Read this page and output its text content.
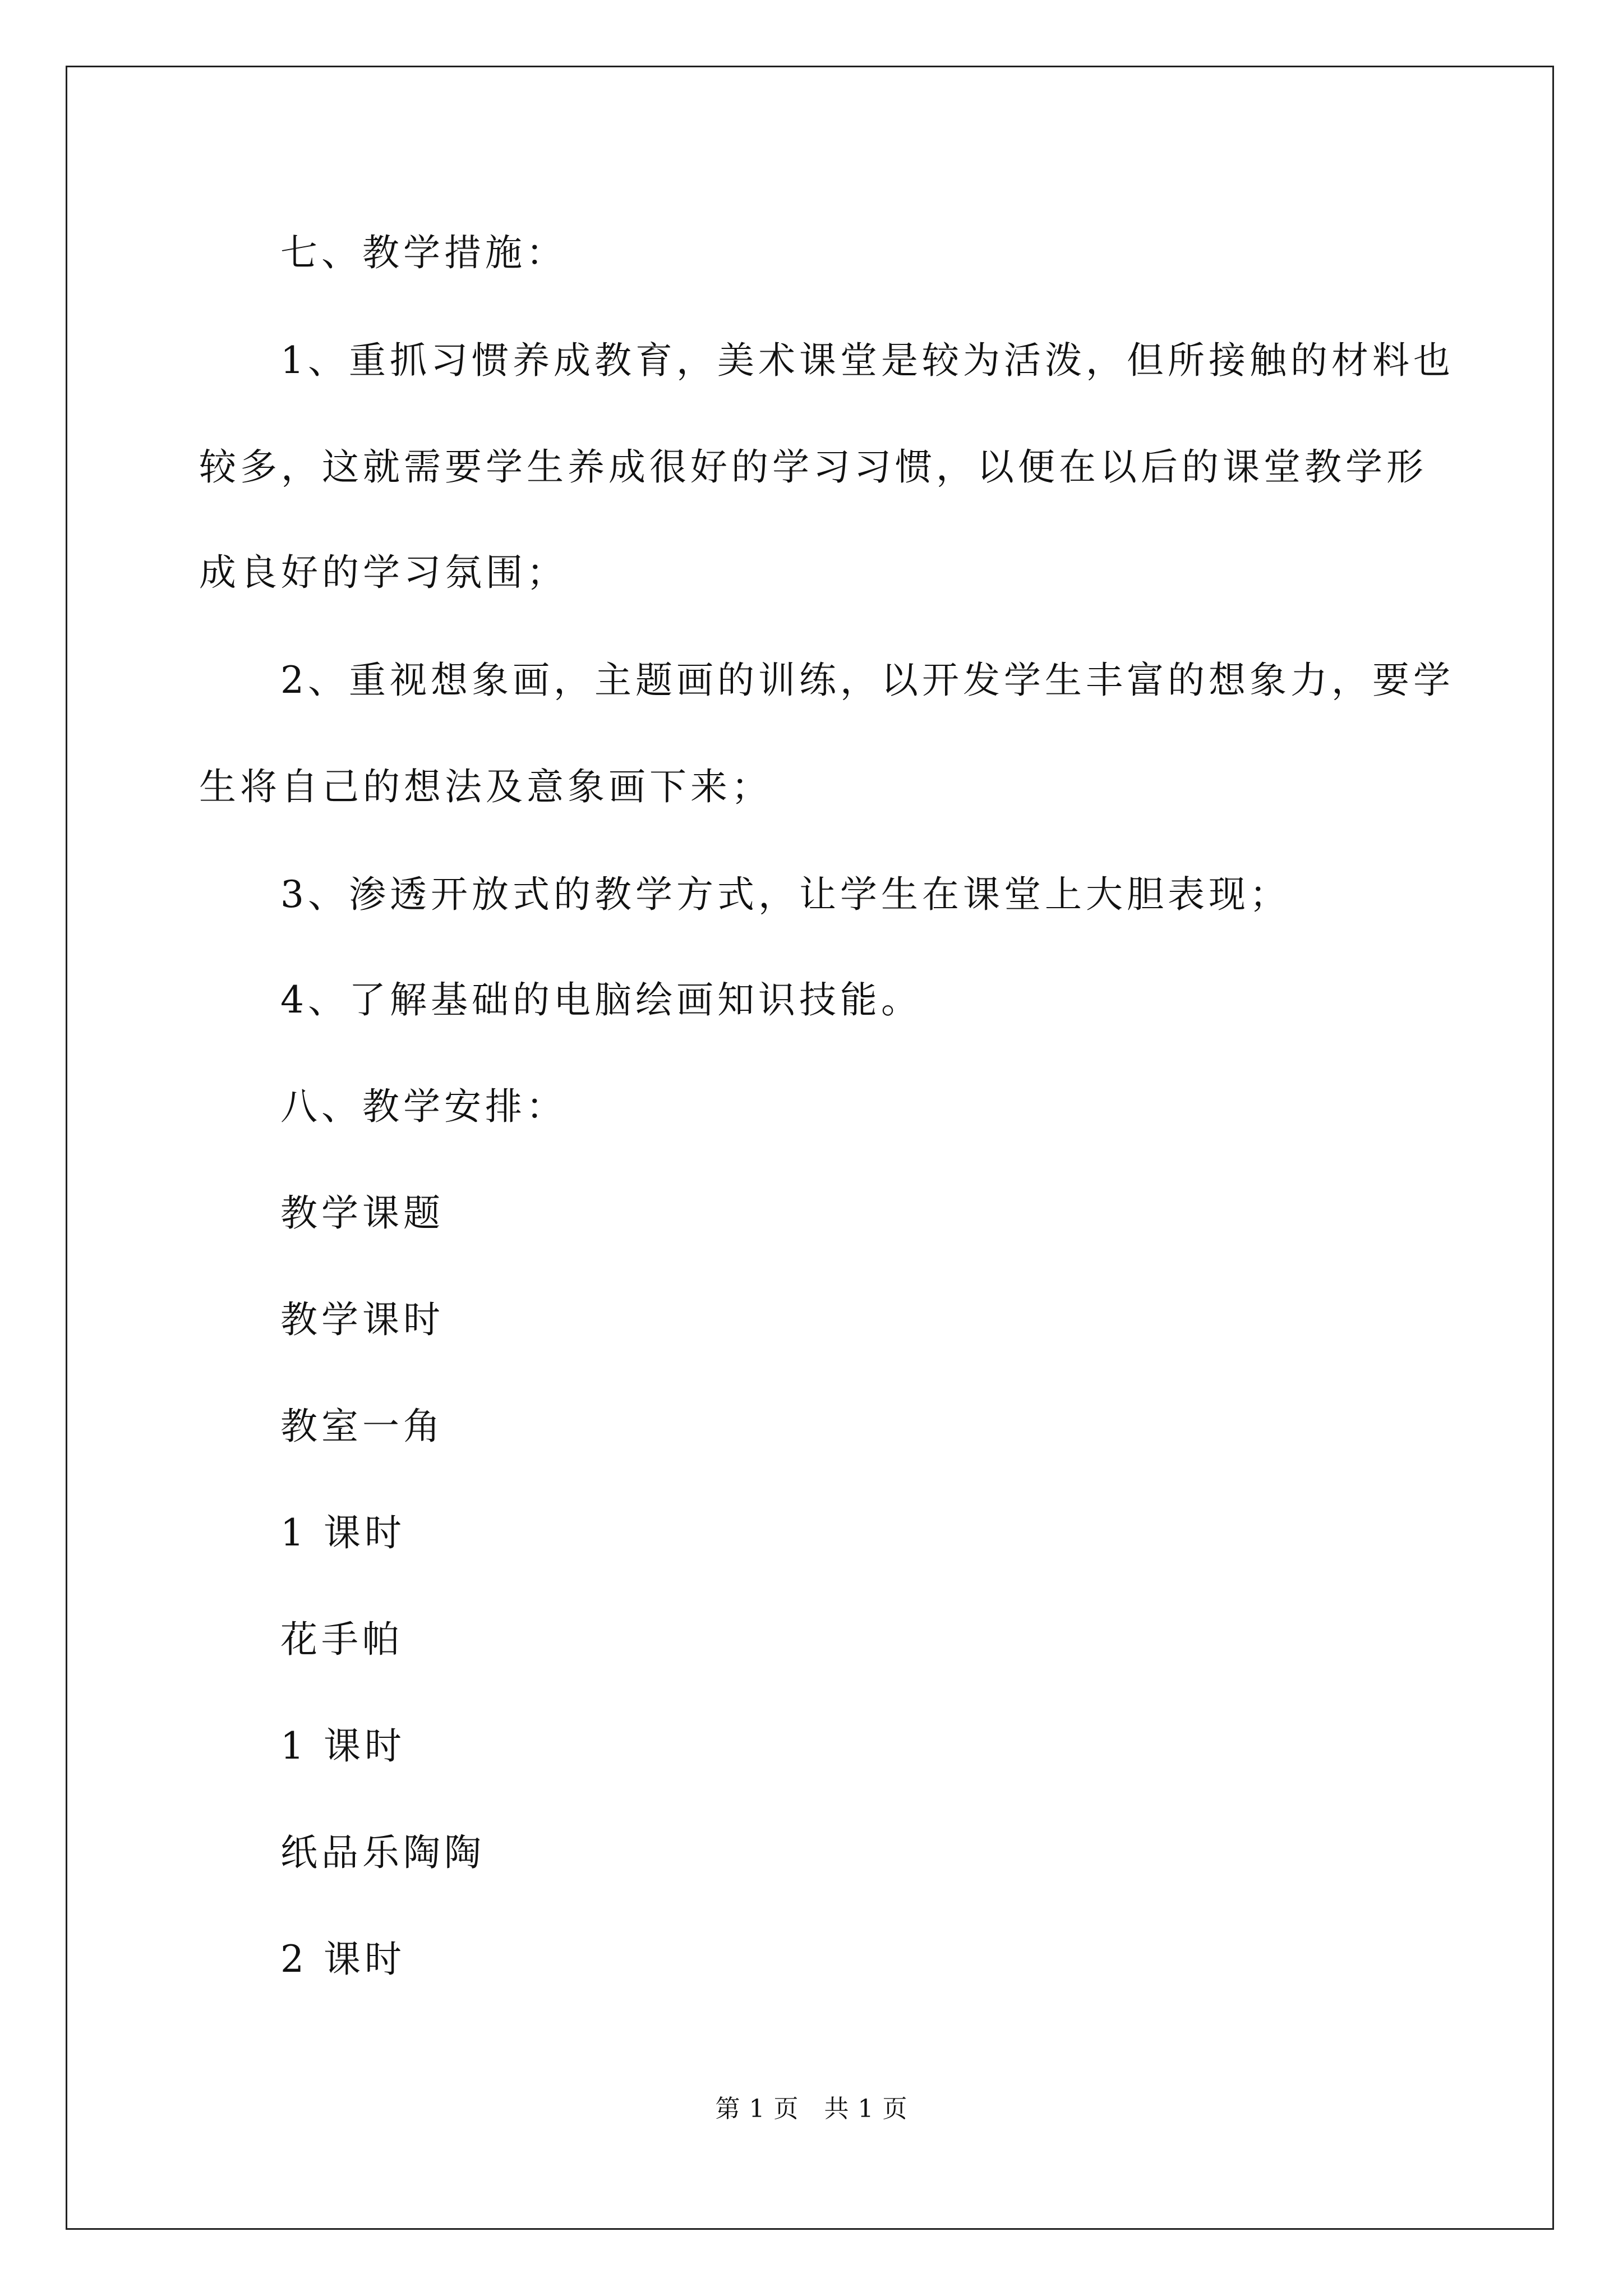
七、教学措施：
1、重抓习惯养成教育，美术课堂是较为活泼，但所接触的材料也
较多，这就需要学生养成很好的学习习惯，以便在以后的课堂教学形
成良好的学习氛围；
2、重视想象画，主题画的训练，以开发学生丰富的想象力，要学
生将自己的想法及意象画下来；
3、渗透开放式的教学方式，让学生在课堂上大胆表现；
4、了解基础的电脑绘画知识技能。
八、教学安排：
教学课题
教学课时
教室一角
1 课时
花手帕
1 课时
纸品乐陶陶
2 课时
第 1 页　共 1 页
